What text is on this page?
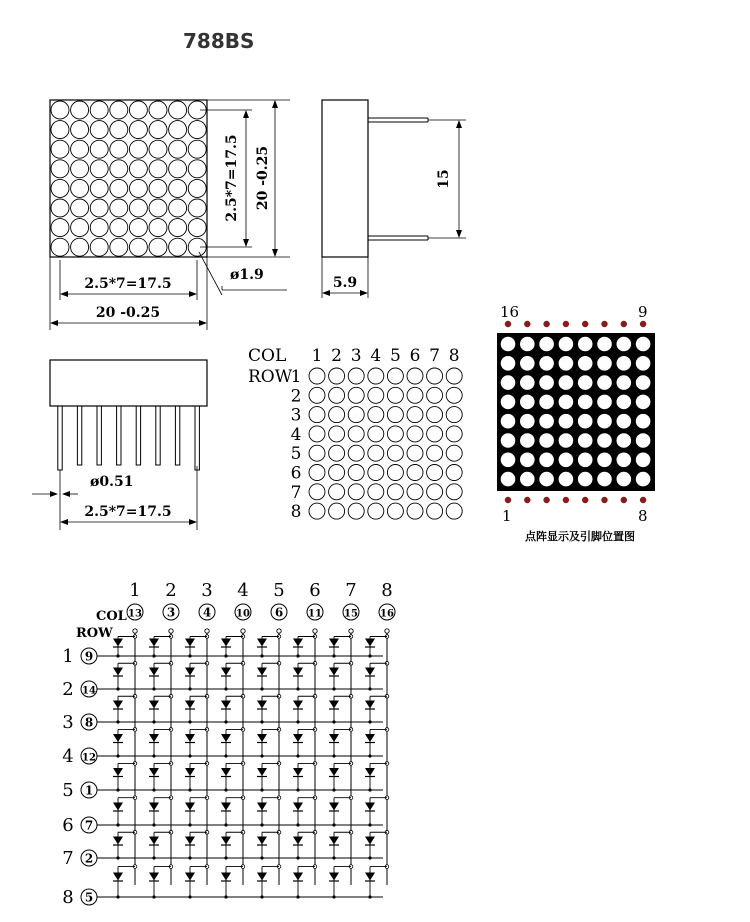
788BS
2.5*7=17.5
20 -0.25
ø1.9
2.5*7=17.5 20 -0.25	15
5.9
ø0.51
2.5*7=17.5
COL
ROW
1 2 3 4 5 6 7 8
1
2
3
4
5
6
7
8
16	9
1	8
点阵显示及引脚位置图
COL
ROW
1 2 3 4 5 6 7 8
13 3 4 10 6 11 15 16
1
2
3
4
5
6
7
8
9
14
8
12
1
7
2
5
